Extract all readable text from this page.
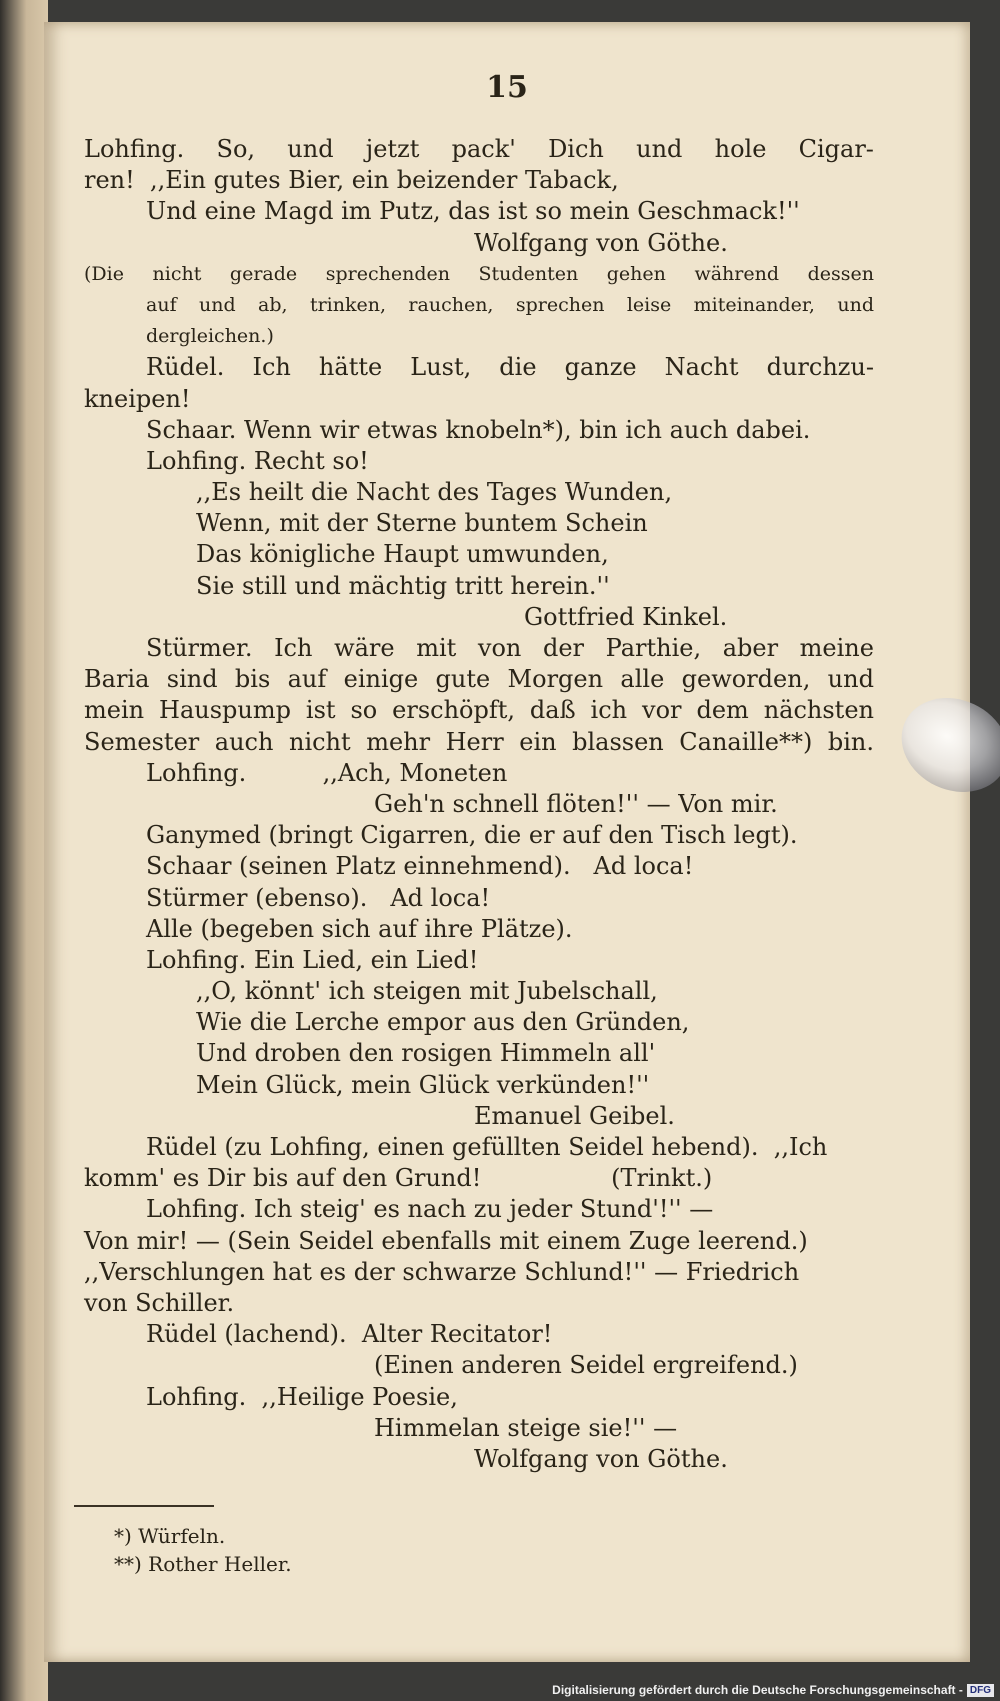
15
Lohfing. So, und jetzt pack' Dich und hole Cigar-
ren!  ,,Ein gutes Bier, ein beizender Taback,
Und eine Magd im Putz, das ist so mein Geschmack!''
Wolfgang von Göthe.
(Die nicht gerade sprechenden Studenten gehen während dessen
auf und ab, trinken, rauchen, sprechen leise miteinander, und
dergleichen.)
Rüdel. Ich hätte Lust, die ganze Nacht durchzu-
kneipen!
Schaar. Wenn wir etwas knobeln*), bin ich auch dabei.
Lohfing. Recht so!
,,Es heilt die Nacht des Tages Wunden,
Wenn, mit der Sterne buntem Schein
Das königliche Haupt umwunden,
Sie still und mächtig tritt herein.''
Gottfried Kinkel.
Stürmer. Ich wäre mit von der Parthie, aber meine
Baria sind bis auf einige gute Morgen alle geworden, und
mein Hauspump ist so erschöpft, daß ich vor dem nächsten
Semester auch nicht mehr Herr ein blassen Canaille**) bin.
Lohfing.          ,,Ach, Moneten
Geh'n schnell flöten!'' — Von mir.
Ganymed (bringt Cigarren, die er auf den Tisch legt).
Schaar (seinen Platz einnehmend).   Ad loca!
Stürmer (ebenso).   Ad loca!
Alle (begeben sich auf ihre Plätze).
Lohfing. Ein Lied, ein Lied!
,,O, könnt' ich steigen mit Jubelschall,
Wie die Lerche empor aus den Gründen,
Und droben den rosigen Himmeln all'
Mein Glück, mein Glück verkünden!''
Emanuel Geibel.
Rüdel (zu Lohfing, einen gefüllten Seidel hebend).  ,,Ich
komm' es Dir bis auf den Grund!                 (Trinkt.)
Lohfing. Ich steig' es nach zu jeder Stund'!'' —
Von mir! — (Sein Seidel ebenfalls mit einem Zuge leerend.)
,,Verschlungen hat es der schwarze Schlund!'' — Friedrich
von Schiller.
Rüdel (lachend).  Alter Recitator!
(Einen anderen Seidel ergreifend.)
Lohfing.  ,,Heilige Poesie,
Himmelan steige sie!'' —
Wolfgang von Göthe.
*) Würfeln.
**) Rother Heller.
Digitalisierung gefördert durch die Deutsche Forschungsgemeinschaft - DFG
